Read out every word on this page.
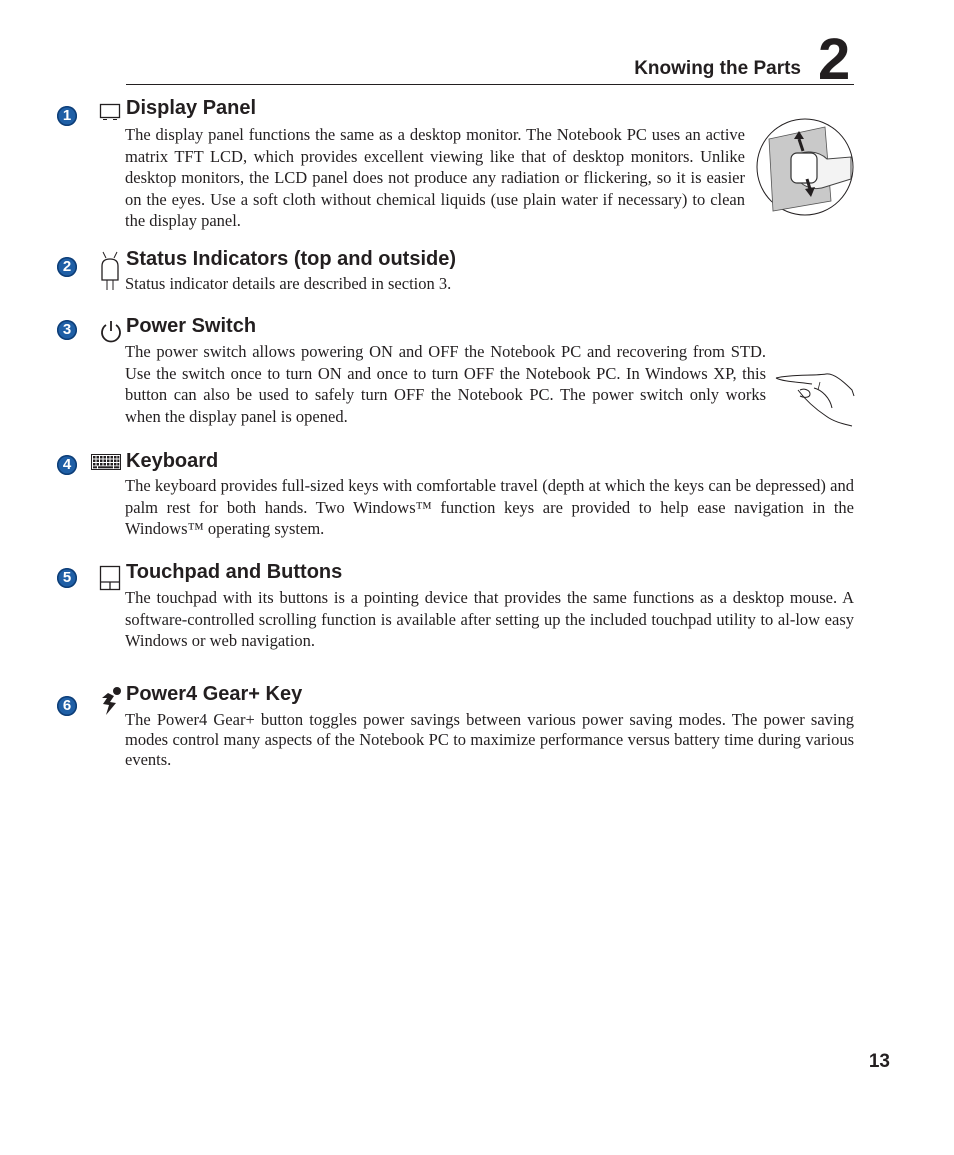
Knowing the Parts 2
1	Display Panel
The display panel functions the same as a desktop monitor. The Notebook PC uses an active matrix TFT LCD, which provides excellent viewing like that of desktop monitors. Unlike desktop monitors, the LCD panel does not produce any radiation or flickering, so it is easier on the eyes. Use a soft cloth without chemical liquids (use plain water if necessary) to clean the display panel.
2	Status Indicators (top and outside)
Status indicator details are described in section 3.
3	Power Switch
The power switch allows powering ON and OFF the Notebook PC and recovering from STD. Use the switch once to turn ON and once to turn OFF the Notebook PC. In Windows XP, this button can also be used to safely turn OFF the Notebook PC. The power switch only works when the display panel is opened.
4	Keyboard
The keyboard provides full-sized keys with comfortable travel (depth at which the keys can be depressed) and palm rest for both hands. Two Windows™ function keys are provided to help ease navigation in the Windows™ operating system.
5	Touchpad and Buttons
The touchpad with its buttons is a pointing device that provides the same functions as a desktop mouse. A software-controlled scrolling function is available after setting up the included touchpad utility to al-low easy Windows or web navigation.
6
Power4 Gear+ Key
The Power4 Gear+ button toggles power savings between various power saving modes. The power saving modes control many aspects of the Notebook PC to maximize performance versus battery time during various events.
13
